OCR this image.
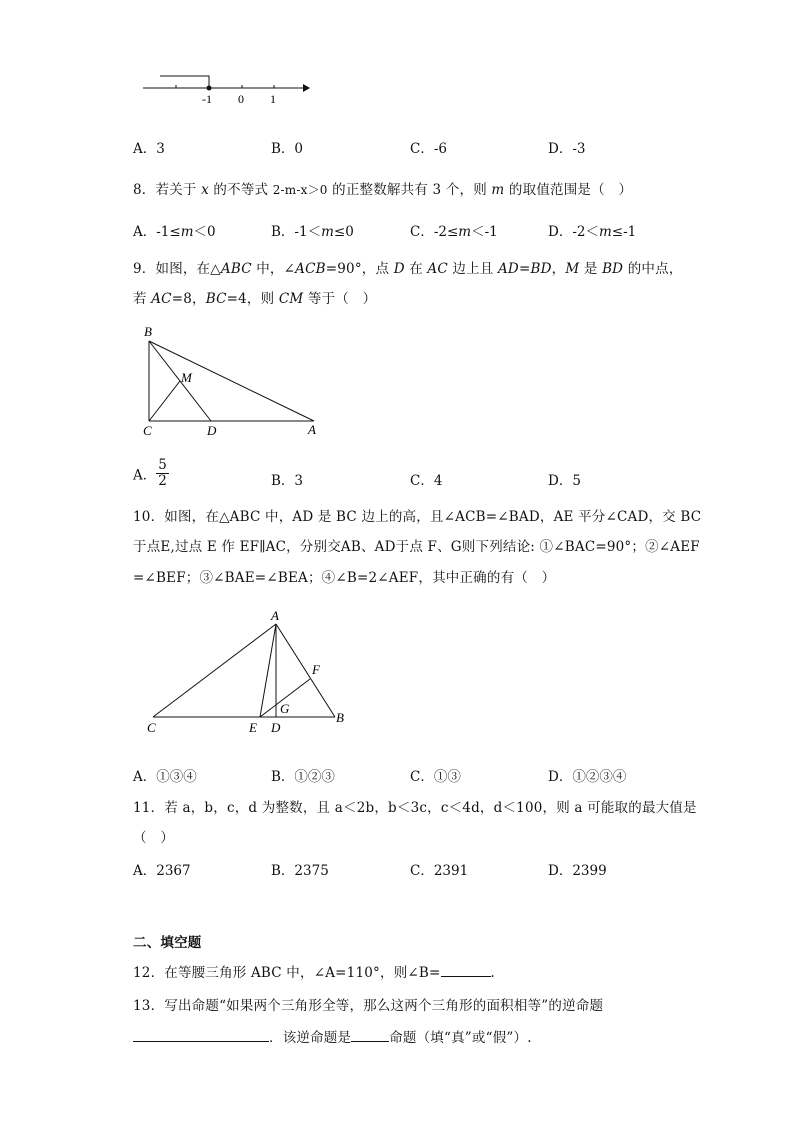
-1 0 1
A．3	B．0	C．-6	D．-3
8．若关于 x 的不等式 2-m-x＞0 的正整数解共有 3 个，则 m 的取值范围是（　）
A．-1≤m＜0	B．-1＜m≤0	C．-2≤m＜-1	D．-2＜m≤-1
9．如图，在△ABC 中，∠ACB=90°，点 D 在 AC 边上且 AD=BD，M 是 BD 的中点，
若 AC=8，BC=4，则 CM 等于（　）
B
M
C	D	A
A． $\frac{5}{2}$	B．3	C．4	D．5
10．如图，在△ABC 中，AD 是 BC 边上的高，且∠ACB=∠BAD，AE 平分∠CAD，交 BC
于点E,过点 E 作 EF∥AC，分别交AB、AD于点 F、G则下列结论: ①∠BAC=90°；②∠AEF
=∠BEF；③∠BAE=∠BEA；④∠B=2∠AEF，其中正确的有（　）
A
F
G
C	E D
B
A．①③④	B．①②③	C．①③	D．①②③④
11．若 a，b，c，d 为整数，且 a＜2b，b＜3c，c＜4d，d＜100，则 a 可能取的最大值是
（　）
A．2367	B．2375	C．2391	D．2399
二、填空题
12．在等腰三角形 ABC 中，∠A=110°，则∠B=	.
13．写出命题“如果两个三角形全等，那么这两个三角形的面积相等”的逆命题
．该逆命题是	命题（填“真”或“假”）.
